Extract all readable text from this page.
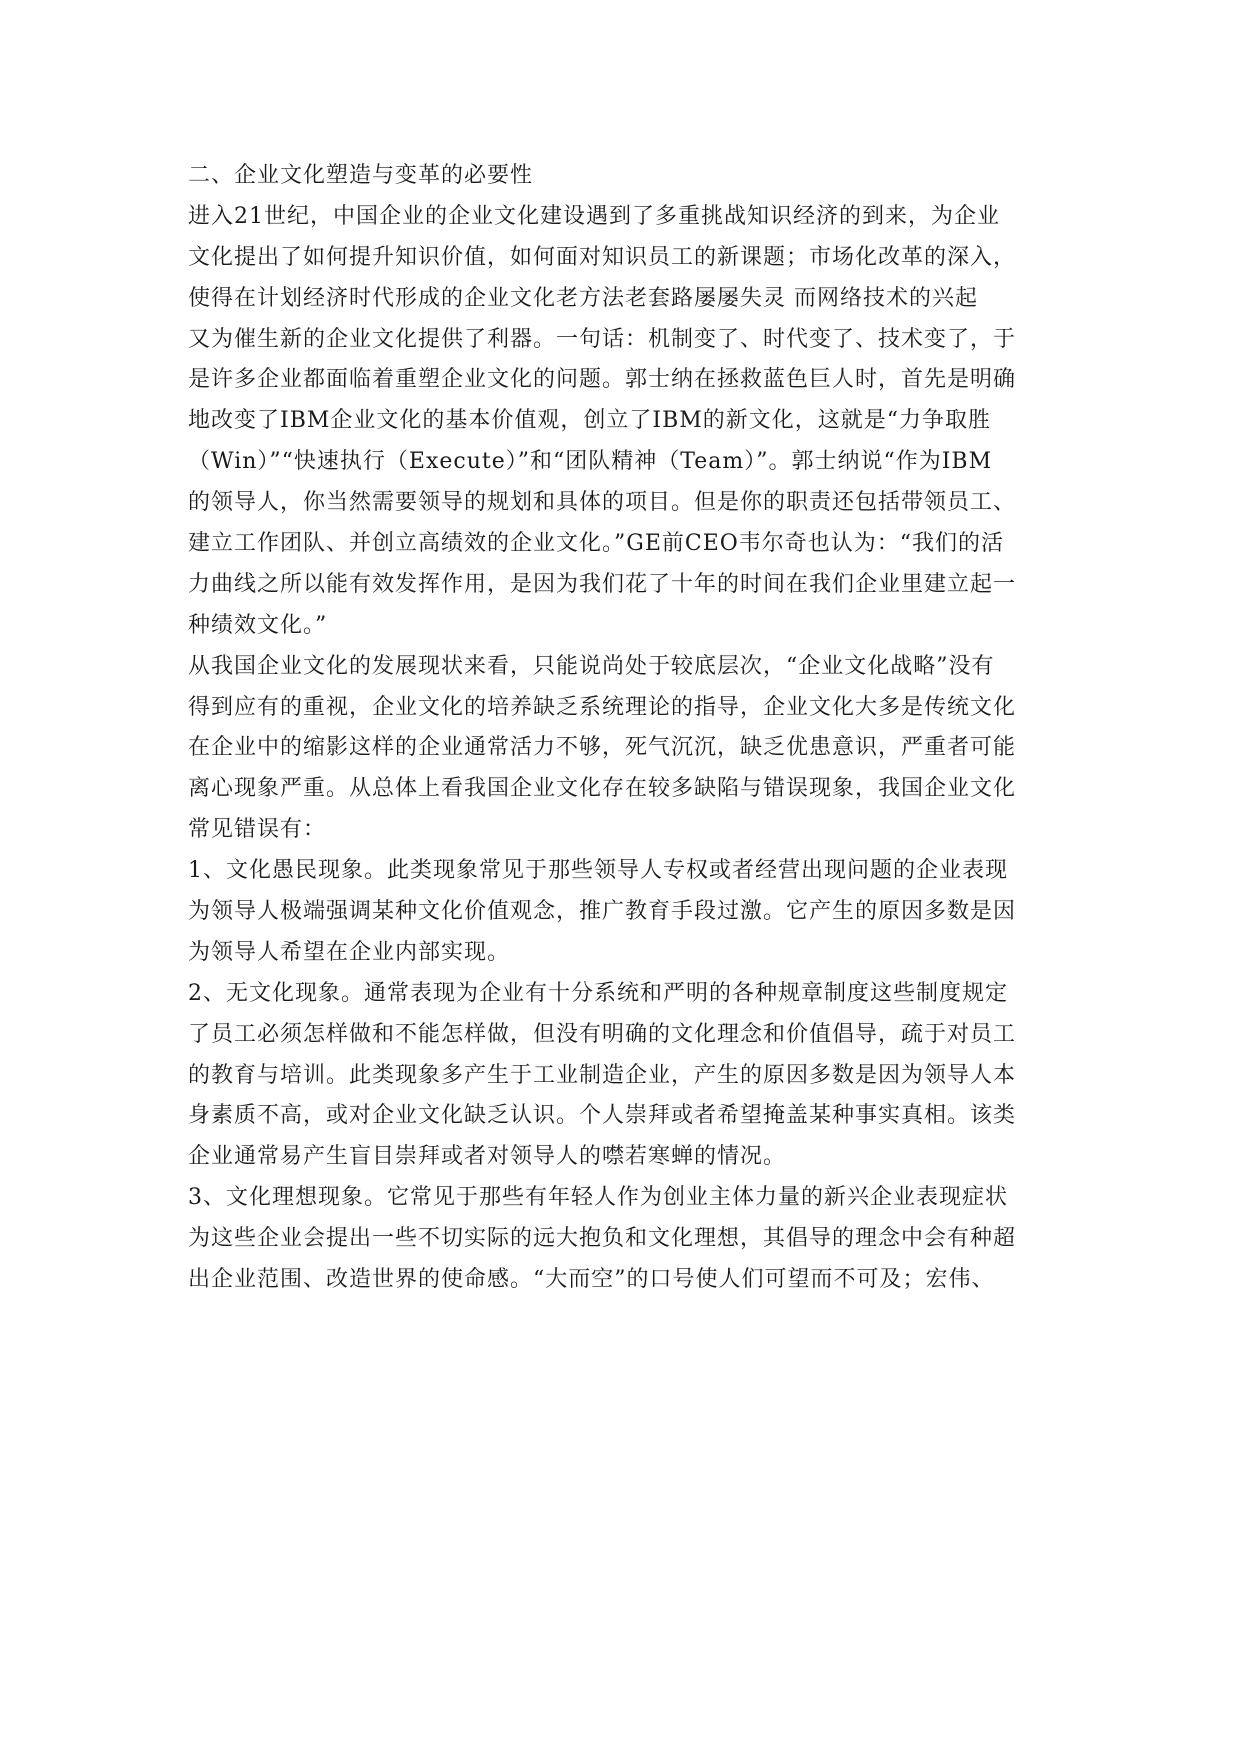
二、企业文化塑造与变革的必要性
进入21世纪，中国企业的企业文化建设遇到了多重挑战知识经济的到来，为企业
文化提出了如何提升知识价值，如何面对知识员工的新课题；市场化改革的深入，
使得在计划经济时代形成的企业文化老方法老套路屡屡失灵 而网络技术的兴起
又为催生新的企业文化提供了利器。一句话：机制变了、时代变了、技术变了，于
是许多企业都面临着重塑企业文化的问题。郭士纳在拯救蓝色巨人时，首先是明确
地改变了IBM企业文化的基本价值观，创立了IBM的新文化，这就是“力争取胜
（Win）”“快速执行（Execute）”和“团队精神（Team）”。郭士纳说“作为IBM
的领导人，你当然需要领导的规划和具体的项目。但是你的职责还包括带领员工、
建立工作团队、并创立高绩效的企业文化。”GE前CEO韦尔奇也认为：“我们的活
力曲线之所以能有效发挥作用，是因为我们花了十年的时间在我们企业里建立起一
种绩效文化。”
从我国企业文化的发展现状来看，只能说尚处于较底层次，“企业文化战略”没有
得到应有的重视，企业文化的培养缺乏系统理论的指导，企业文化大多是传统文化
在企业中的缩影这样的企业通常活力不够，死气沉沉，缺乏优患意识，严重者可能
离心现象严重。从总体上看我国企业文化存在较多缺陷与错误现象，我国企业文化
常见错误有：
1、文化愚民现象。此类现象常见于那些领导人专权或者经营出现问题的企业表现
为领导人极端强调某种文化价值观念，推广教育手段过激。它产生的原因多数是因
为领导人希望在企业内部实现。
2、无文化现象。通常表现为企业有十分系统和严明的各种规章制度这些制度规定
了员工必须怎样做和不能怎样做，但没有明确的文化理念和价值倡导，疏于对员工
的教育与培训。此类现象多产生于工业制造企业，产生的原因多数是因为领导人本
身素质不高，或对企业文化缺乏认识。个人崇拜或者希望掩盖某种事实真相。该类
企业通常易产生盲目崇拜或者对领导人的噤若寒蝉的情况。
3、文化理想现象。它常见于那些有年轻人作为创业主体力量的新兴企业表现症状
为这些企业会提出一些不切实际的远大抱负和文化理想，其倡导的理念中会有种超
出企业范围、改造世界的使命感。“大而空”的口号使人们可望而不可及；宏伟、
